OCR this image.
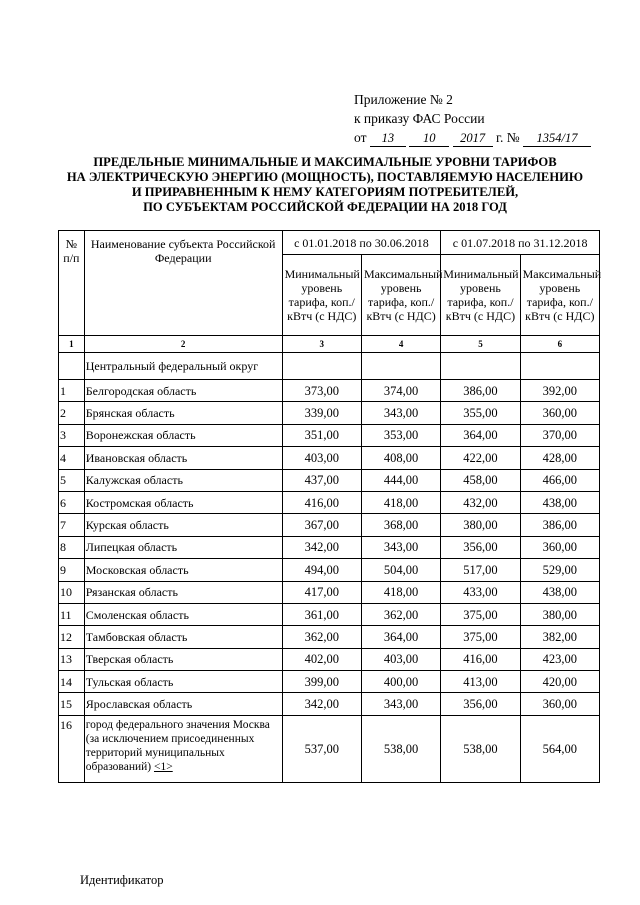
Приложение № 2
к приказу ФАС России
от 13 10 2017 г. № 1354/17
ПРЕДЕЛЬНЫЕ МИНИМАЛЬНЫЕ И МАКСИМАЛЬНЫЕ УРОВНИ ТАРИФОВ
НА ЭЛЕКТРИЧЕСКУЮ ЭНЕРГИЮ (МОЩНОСТЬ), ПОСТАВЛЯЕМУЮ НАСЕЛЕНИЮ
И ПРИРАВНЕННЫМ К НЕМУ КАТЕГОРИЯМ ПОТРЕБИТЕЛЕЙ,
ПО СУБЪЕКТАМ РОССИЙСКОЙ ФЕДЕРАЦИИ НА 2018 ГОД
№ п/п	Наименование субъекта Российской Федерации	с 01.01.2018 по 30.06.2018		с 01.07.2018 по 31.12.2018	
		Минимальный уровень тарифа, коп./кВтч (с НДС)	Максимальный уровень тарифа, коп./кВтч (с НДС)	Минимальный уровень тарифа, коп./кВтч (с НДС)	Максимальный уровень тарифа, коп./кВтч (с НДС)
1	2	3	4	5	6
	Центральный федеральный округ				
1	Белгородская область	373,00	374,00	386,00	392,00
2	Брянская область	339,00	343,00	355,00	360,00
3	Воронежская область	351,00	353,00	364,00	370,00
4	Ивановская область	403,00	408,00	422,00	428,00
5	Калужская область	437,00	444,00	458,00	466,00
6	Костромская область	416,00	418,00	432,00	438,00
7	Курская область	367,00	368,00	380,00	386,00
8	Липецкая область	342,00	343,00	356,00	360,00
9	Московская область	494,00	504,00	517,00	529,00
10	Рязанская область	417,00	418,00	433,00	438,00
11	Смоленская область	361,00	362,00	375,00	380,00
12	Тамбовская область	362,00	364,00	375,00	382,00
13	Тверская область	402,00	403,00	416,00	423,00
14	Тульская область	399,00	400,00	413,00	420,00
15	Ярославская область	342,00	343,00	356,00	360,00
16	город федерального значения Москва (за исключением присоединенных территорий муниципальных образований) <1>	537,00	538,00	538,00	564,00
Идентификатор
